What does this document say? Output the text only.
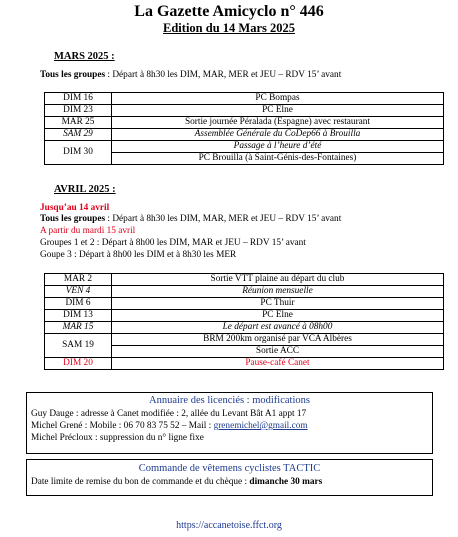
La Gazette Amicyclo n° 446
Edition du 14 Mars 2025
MARS 2025 :
Tous les groupes : Départ à 8h30 les DIM, MAR, MER et JEU – RDV 15’ avant
DIM 16	PC Bompas
DIM 23	PC Elne
MAR 25	Sortie journée Péralada (Espagne) avec restaurant
SAM 29	Assemblée Générale du CoDep66 à Brouilla
DIM 30	Passage à l’heure d’été
	PC Brouilla (à Saint-Génis-des-Fontaines)
AVRIL 2025 :
Jusqu’au 14 avril
Tous les groupes : Départ à 8h30 les DIM, MAR, MER et JEU – RDV 15’ avant
A partir du mardi 15 avril
Groupes 1 et 2 : Départ à 8h00 les DIM, MAR et JEU – RDV 15’ avant
Goupe 3 : Départ à 8h00 les DIM et à 8h30 les MER
MAR 2	Sortie VTT plaine au départ du club
VEN 4	Réunion mensuelle
DIM 6	PC Thuir
DIM 13	PC Elne
MAR 15	Le départ est avancé à 08h00
SAM 19	BRM 200km organisé par VCA Albères
	Sortie ACC
DIM 20	Pause-café Canet
Annuaire des licenciés : modifications
Guy Dauge : adresse à Canet modifiée : 2, allée du Levant Bât A1 appt 17
Michel Grené : Mobile : 06 70 83 75 52 – Mail : grenemichel@gmail.com
Michel Précloux : suppression du n° ligne fixe
Commande de vêtemens cyclistes TACTIC
Date limite de remise du bon de commande et du chèque : dimanche 30 mars
https://accanetoise.ffct.org
